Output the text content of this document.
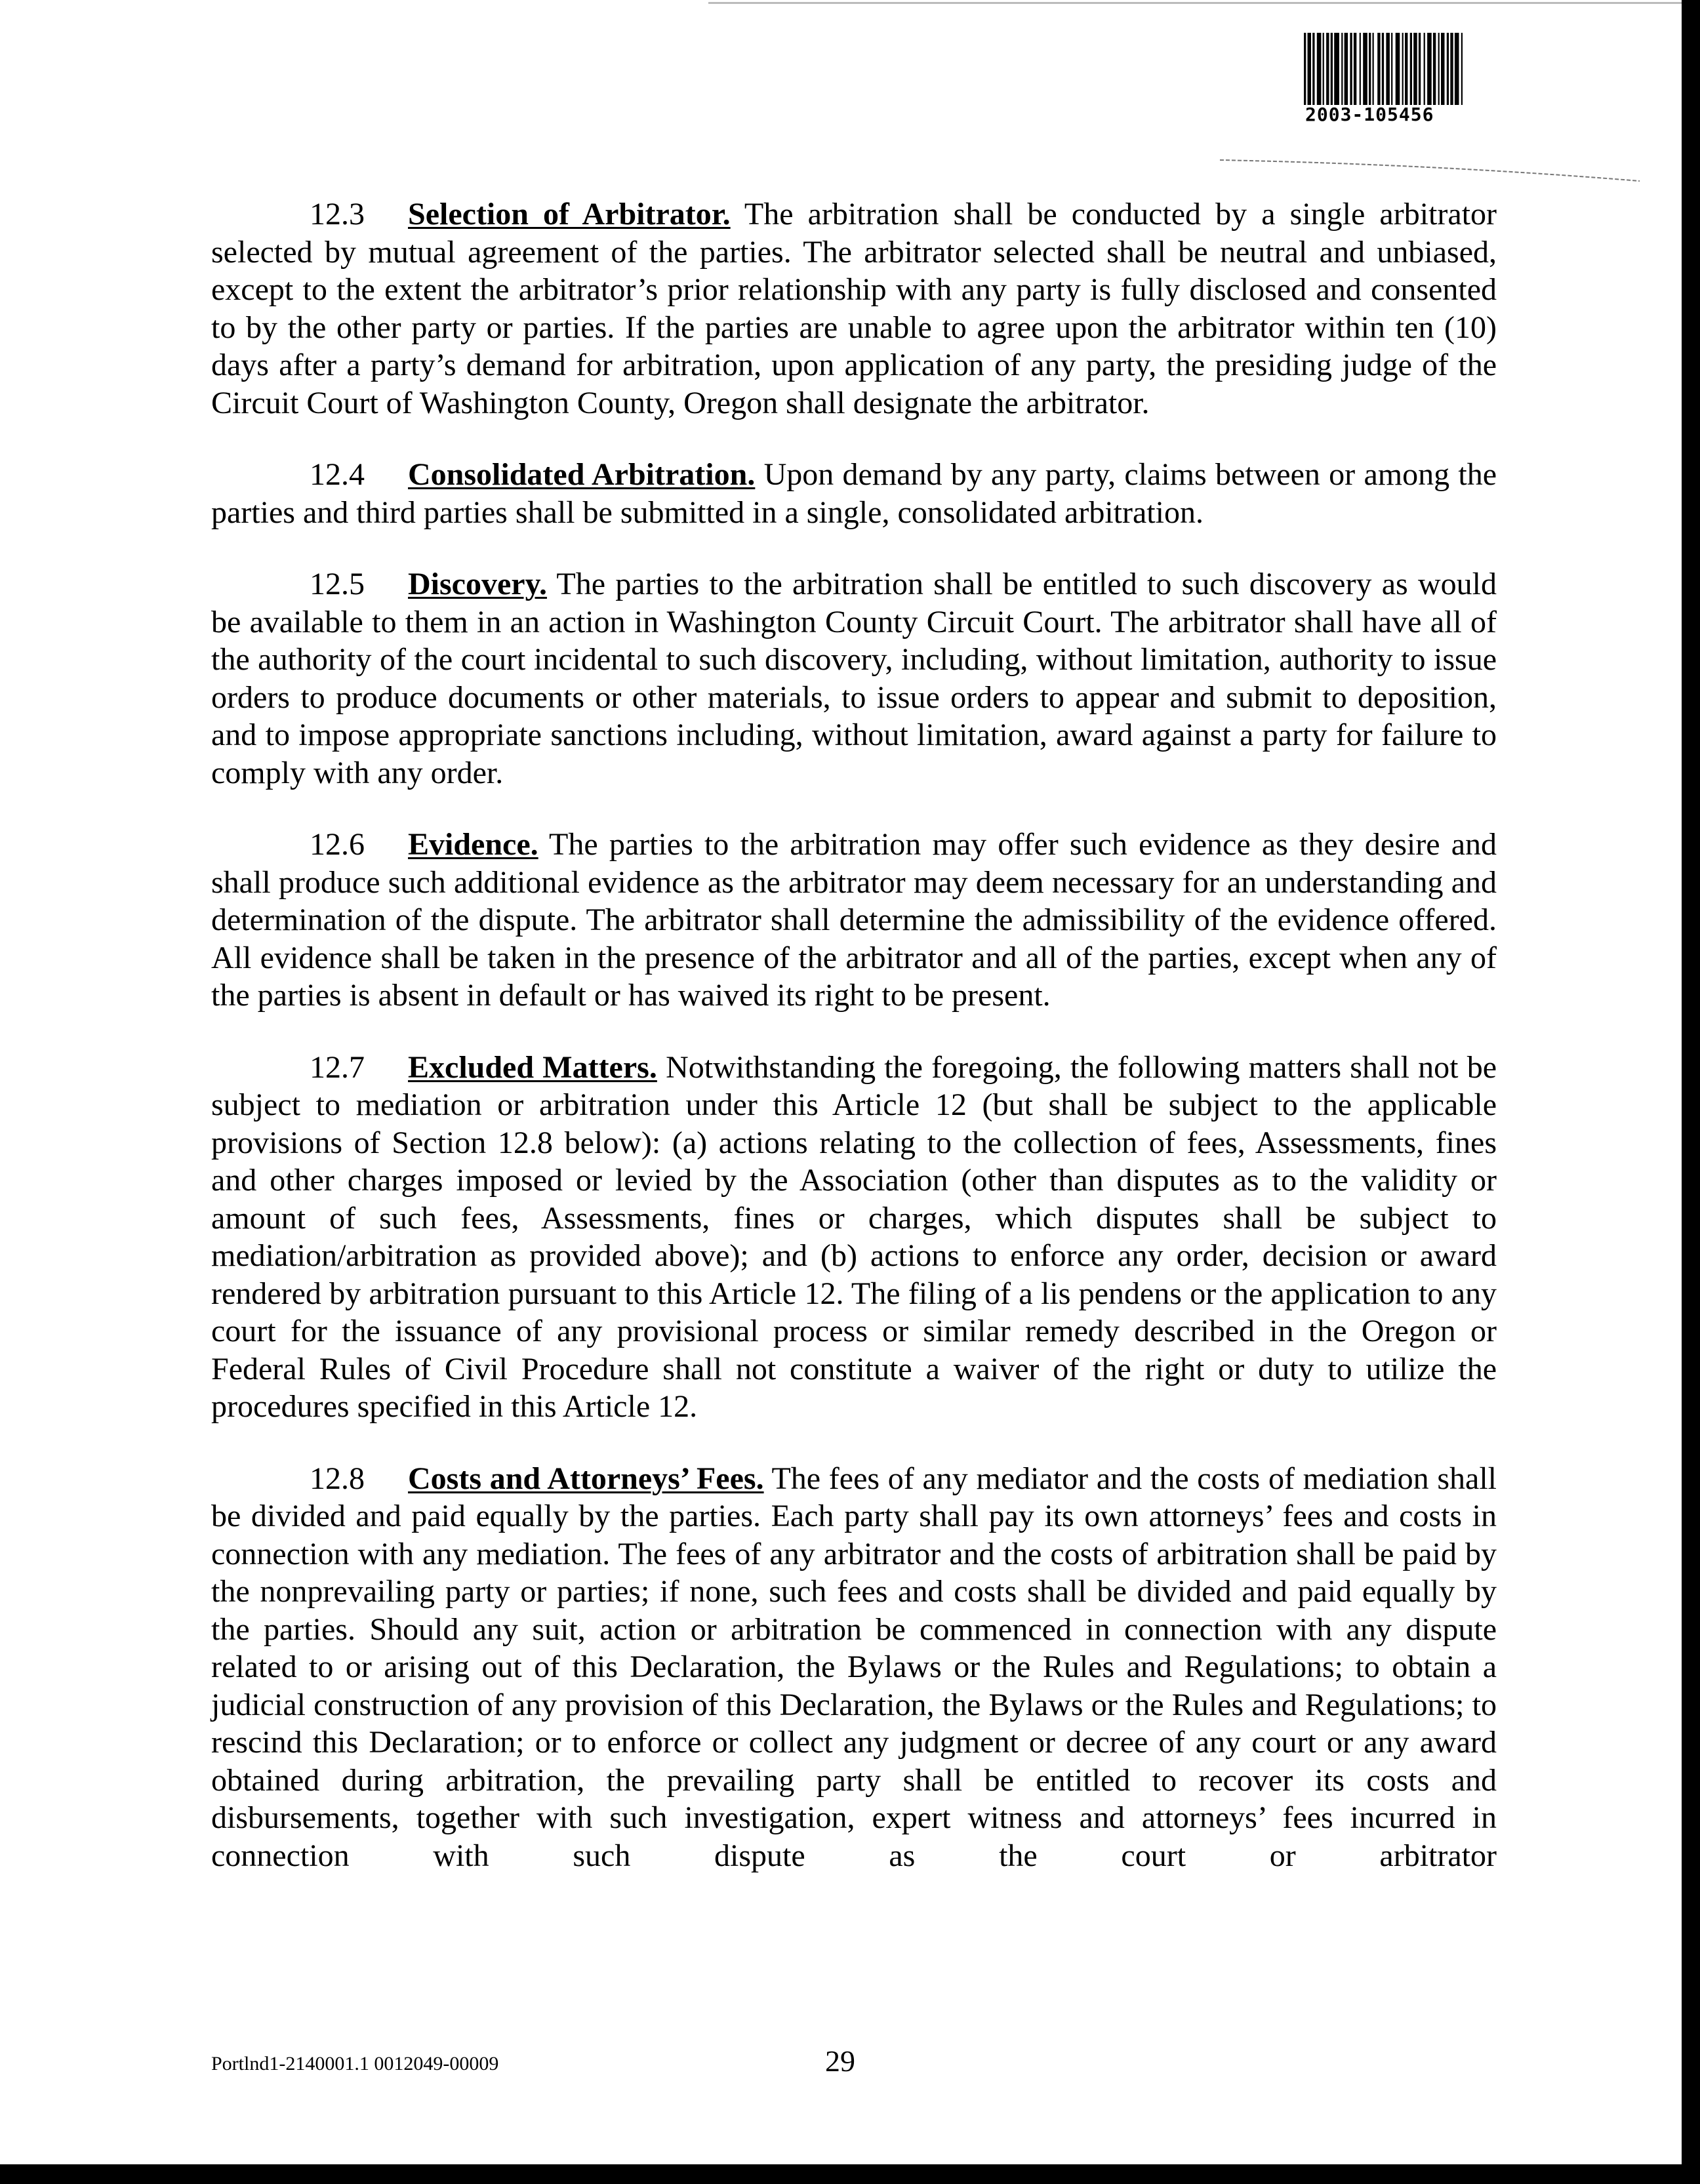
2003-105456

12.3 Selection of Arbitrator. The arbitration shall be conducted by a single arbitrator selected by mutual agreement of the parties. The arbitrator selected shall be neutral and unbiased, except to the extent the arbitrator’s prior relationship with any party is fully disclosed and consented to by the other party or parties. If the parties are unable to agree upon the arbitrator within ten (10) days after a party’s demand for arbitration, upon application of any party, the presiding judge of the Circuit Court of Washington County, Oregon shall designate the arbitrator.

12.4 Consolidated Arbitration. Upon demand by any party, claims between or among the parties and third parties shall be submitted in a single, consolidated arbitration.

12.5 Discovery. The parties to the arbitration shall be entitled to such discovery as would be available to them in an action in Washington County Circuit Court. The arbitrator shall have all of the authority of the court incidental to such discovery, including, without limitation, authority to issue orders to produce documents or other materials, to issue orders to appear and submit to deposition, and to impose appropriate sanctions including, without limitation, award against a party for failure to comply with any order.

12.6 Evidence. The parties to the arbitration may offer such evidence as they desire and shall produce such additional evidence as the arbitrator may deem necessary for an understanding and determination of the dispute. The arbitrator shall determine the admissibility of the evidence offered. All evidence shall be taken in the presence of the arbitrator and all of the parties, except when any of the parties is absent in default or has waived its right to be present.

12.7 Excluded Matters. Notwithstanding the foregoing, the following matters shall not be subject to mediation or arbitration under this Article 12 (but shall be subject to the applicable provisions of Section 12.8 below): (a) actions relating to the collection of fees, Assessments, fines and other charges imposed or levied by the Association (other than disputes as to the validity or amount of such fees, Assessments, fines or charges, which disputes shall be subject to mediation/arbitration as provided above); and (b) actions to enforce any order, decision or award rendered by arbitration pursuant to this Article 12. The filing of a lis pendens or the application to any court for the issuance of any provisional process or similar remedy described in the Oregon or Federal Rules of Civil Procedure shall not constitute a waiver of the right or duty to utilize the procedures specified in this Article 12.

12.8 Costs and Attorneys’ Fees. The fees of any mediator and the costs of mediation shall be divided and paid equally by the parties. Each party shall pay its own attorneys’ fees and costs in connection with any mediation. The fees of any arbitrator and the costs of arbitration shall be paid by the nonprevailing party or parties; if none, such fees and costs shall be divided and paid equally by the parties. Should any suit, action or arbitration be commenced in connection with any dispute related to or arising out of this Declaration, the Bylaws or the Rules and Regulations; to obtain a judicial construction of any provision of this Declaration, the Bylaws or the Rules and Regulations; to rescind this Declaration; or to enforce or collect any judgment or decree of any court or any award obtained during arbitration, the prevailing party shall be entitled to recover its costs and disbursements, together with such investigation, expert witness and attorneys’ fees incurred in connection with such dispute as the court or arbitrator

Portlnd1-2140001.1 0012049-00009	29
